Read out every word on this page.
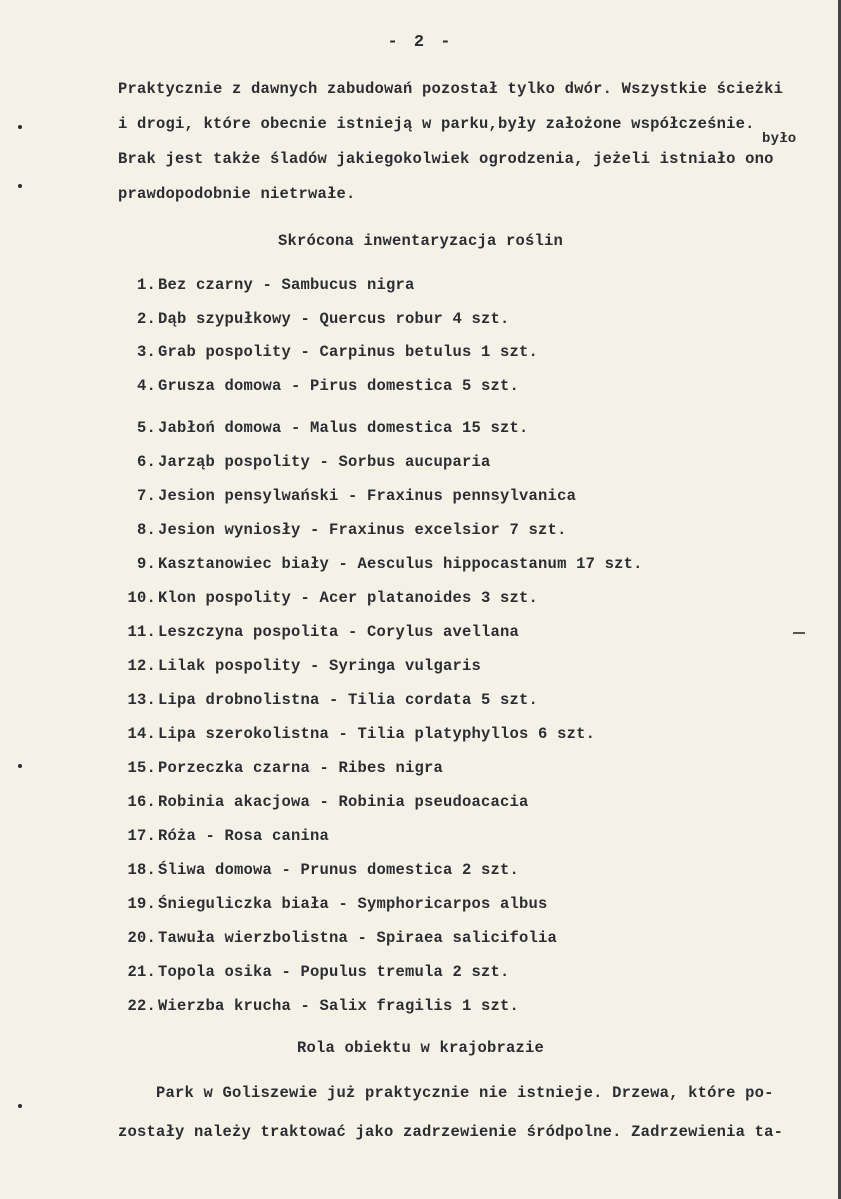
- 2 -
Praktycznie z dawnych zabudowań pozostał tylko dwór. Wszystkie ścieżki
i drogi, które obecnie istnieją w parku,były założone współcześnie.
było
Brak jest także śladów jakiegokolwiek ogrodzenia, jeżeli istniało ono
prawdopodobnie nietrwałe.
Skrócona inwentaryzacja roślin
1. Bez czarny - Sambucus nigra
2. Dąb szypułkowy - Quercus robur 4 szt.
3. Grab pospolity - Carpinus betulus 1 szt.
4. Grusza domowa - Pirus domestica 5 szt.
5. Jabłoń domowa - Malus domestica 15 szt.
6. Jarząb pospolity - Sorbus aucuparia
7. Jesion pensylwański - Fraxinus pennsylvanica
8. Jesion wyniosły - Fraxinus excelsior 7 szt.
9. Kasztanowiec biały - Aesculus hippocastanum 17 szt.
10. Klon pospolity - Acer platanoides 3 szt.
11. Leszczyna pospolita - Corylus avellana
12. Lilak pospolity - Syringa vulgaris
13. Lipa drobnolistna - Tilia cordata 5 szt.
14. Lipa szerokolistna - Tilia platyphyllos 6 szt.
15. Porzeczka czarna - Ribes nigra
16. Robinia akacjowa - Robinia pseudoacacia
17. Róża - Rosa canina
18. Śliwa domowa - Prunus domestica 2 szt.
19. Śnieguliczka biała - Symphoricarpos albus
20. Tawuła wierzbolistna - Spiraea salicifolia
21. Topola osika - Populus tremula 2 szt.
22. Wierzba krucha - Salix fragilis 1 szt.
Rola obiektu w krajobrazie
Park w Goliszewie już praktycznie nie istnieje. Drzewa, które po-
zostały należy traktować jako zadrzewienie śródpolne. Zadrzewienia ta-
